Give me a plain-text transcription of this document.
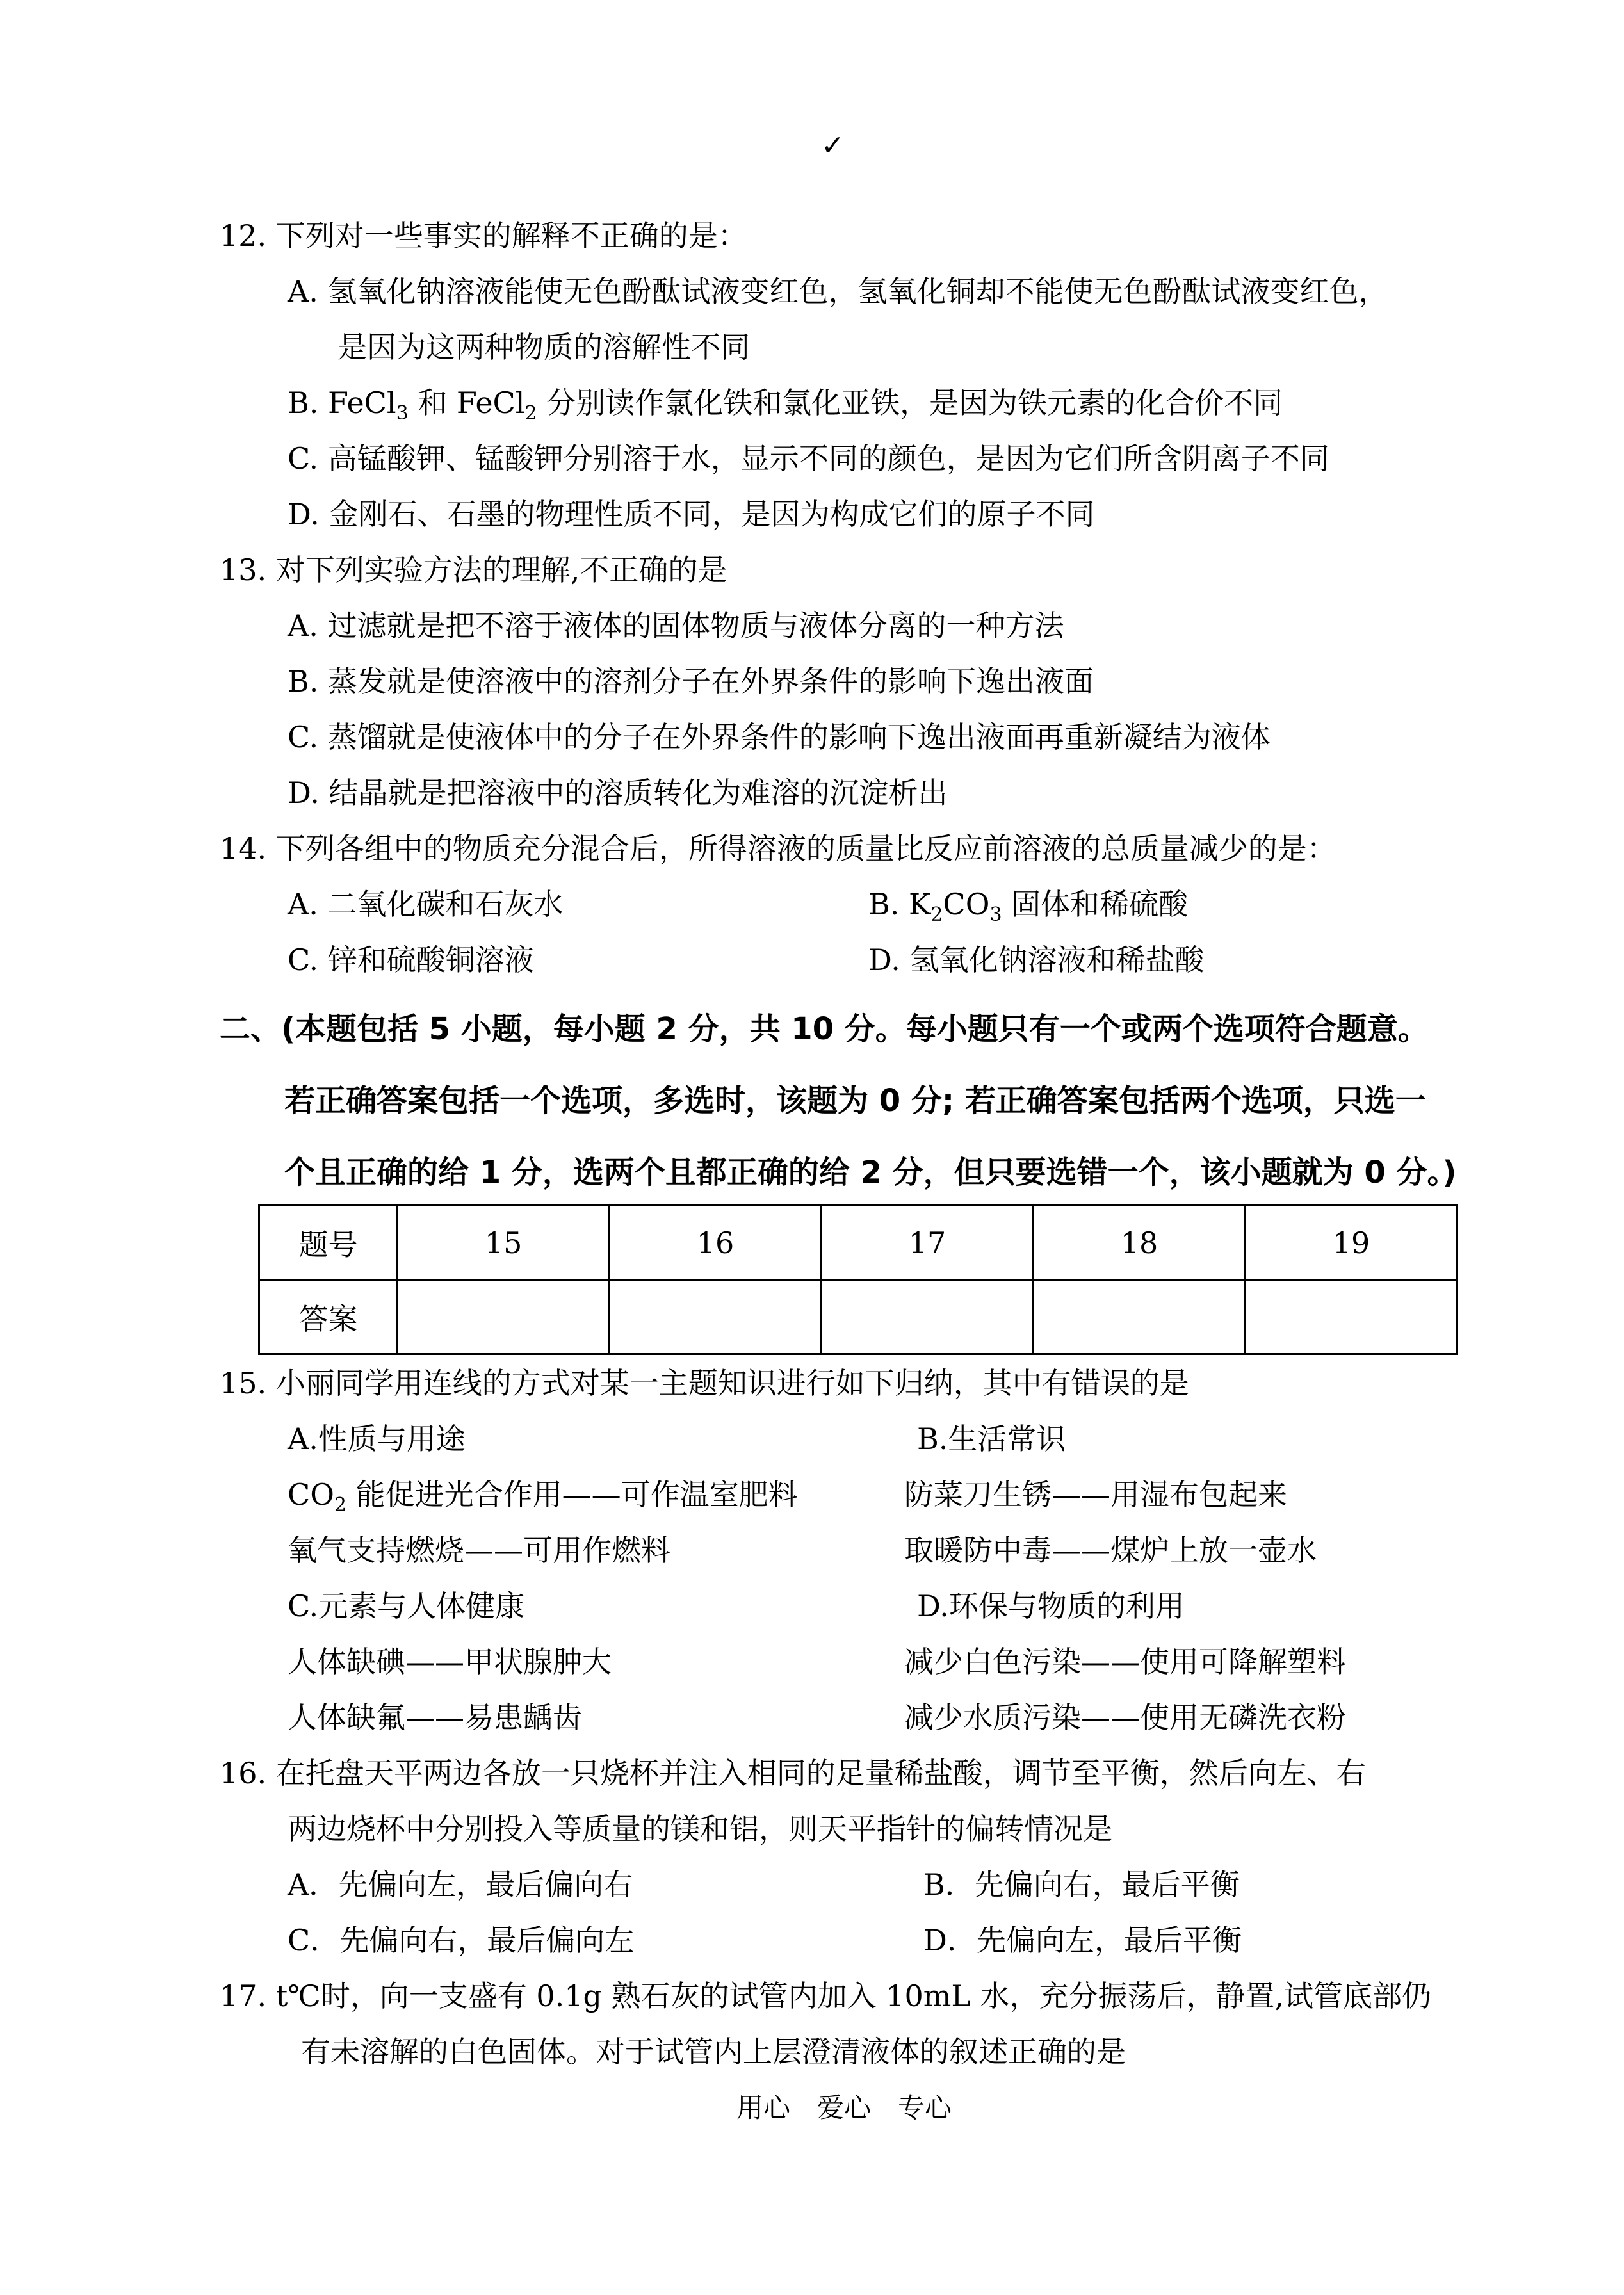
✓
12. 下列对一些事实的解释不正确的是：
A. 氢氧化钠溶液能使无色酚酞试液变红色，氢氧化铜却不能使无色酚酞试液变红色，
是因为这两种物质的溶解性不同
B. FeCl$_3$ 和 FeCl$_2$ 分别读作氯化铁和氯化亚铁，是因为铁元素的化合价不同
C. 高锰酸钾、锰酸钾分别溶于水，显示不同的颜色，是因为它们所含阴离子不同
D. 金刚石、石墨的物理性质不同，是因为构成它们的原子不同
13. 对下列实验方法的理解,不正确的是
A. 过滤就是把不溶于液体的固体物质与液体分离的一种方法
B. 蒸发就是使溶液中的溶剂分子在外界条件的影响下逸出液面
C. 蒸馏就是使液体中的分子在外界条件的影响下逸出液面再重新凝结为液体
D. 结晶就是把溶液中的溶质转化为难溶的沉淀析出
14. 下列各组中的物质充分混合后，所得溶液的质量比反应前溶液的总质量减少的是：
A. 二氧化碳和石灰水	B. $K_2CO_3$ 固体和稀硫酸
C. 锌和硫酸铜溶液	D. 氢氧化钠溶液和稀盐酸
二、(本题包括 5 小题，每小题 2 分，共 10 分。每小题只有一个或两个选项符合题意。
若正确答案包括一个选项，多选时，该题为 0 分; 若正确答案包括两个选项，只选一
个且正确的给 1 分，选两个且都正确的给 2 分，但只要选错一个，该小题就为 0 分。)
题号	15	16	17	18	19
答案					
15. 小丽同学用连线的方式对某一主题知识进行如下归纳，其中有错误的是
A.性质与用途	B.生活常识
$CO_2$ 能促进光合作用——可作温室肥料	防菜刀生锈——用湿布包起来
氧气支持燃烧——可用作燃料	取暖防中毒——煤炉上放一壶水
C.元素与人体健康	D.环保与物质的利用
人体缺碘——甲状腺肿大	减少白色污染——使用可降解塑料
人体缺氟——易患龋齿	减少水质污染——使用无磷洗衣粉
16. 在托盘天平两边各放一只烧杯并注入相同的足量稀盐酸，调节至平衡，然后向左、右
两边烧杯中分别投入等质量的镁和铝，则天平指针的偏转情况是
A．先偏向左，最后偏向右	B．先偏向右，最后平衡
C．先偏向右，最后偏向左	D．先偏向左，最后平衡
17. t℃时，向一支盛有 0.1g 熟石灰的试管内加入 10mL 水，充分振荡后，静置,试管底部仍
有未溶解的白色固体。对于试管内上层澄清液体的叙述正确的是
用心　爱心　专心
